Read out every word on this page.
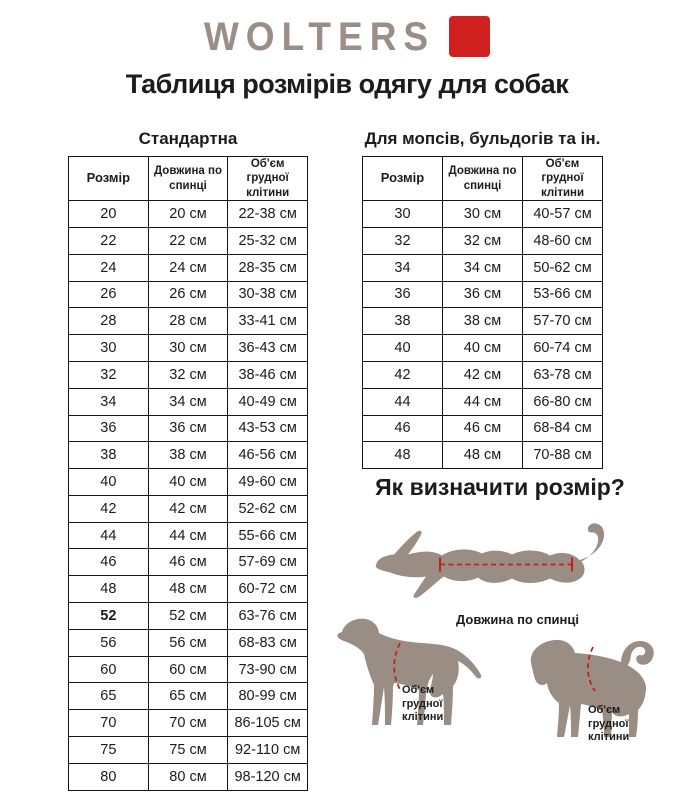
WOLTERS
Таблиця розмірів одягу для собак
Стандартна	Для мопсів, бульдогів та ін.
Розмір	Довжина по спинці	Об'єм грудної клітини
20	20 см	22-38 см
22	22 см	25-32 см
24	24 см	28-35 см
26	26 см	30-38 см
28	28 см	33-41 см
30	30 см	36-43 см
32	32 см	38-46 см
34	34 см	40-49 см
36	36 см	43-53 см
38	38 см	46-56 см
40	40 см	49-60 см
42	42 см	52-62 см
44	44 см	55-66 см
46	46 см	57-69 см
48	48 см	60-72 см
52	52 см	63-76 см
56	56 см	68-83 см
60	60 см	73-90 см
65	65 см	80-99 см
70	70 см	86-105 см
75	75 см	92-110 см
80	80 см	98-120 см
Розмір	Довжина по спинці	Об'єм грудної клітини
30	30 см	40-57 см
32	32 см	48-60 см
34	34 см	50-62 см
36	36 см	53-66 см
38	38 см	57-70 см
40	40 см	60-74 см
42	42 см	63-78 см
44	44 см	66-80 см
46	46 см	68-84 см
48	48 см	70-88 см
Як визначити розмір?
Довжина по спинці
Об'єм
грудної
клітини
Об'єм
грудної
клітини
